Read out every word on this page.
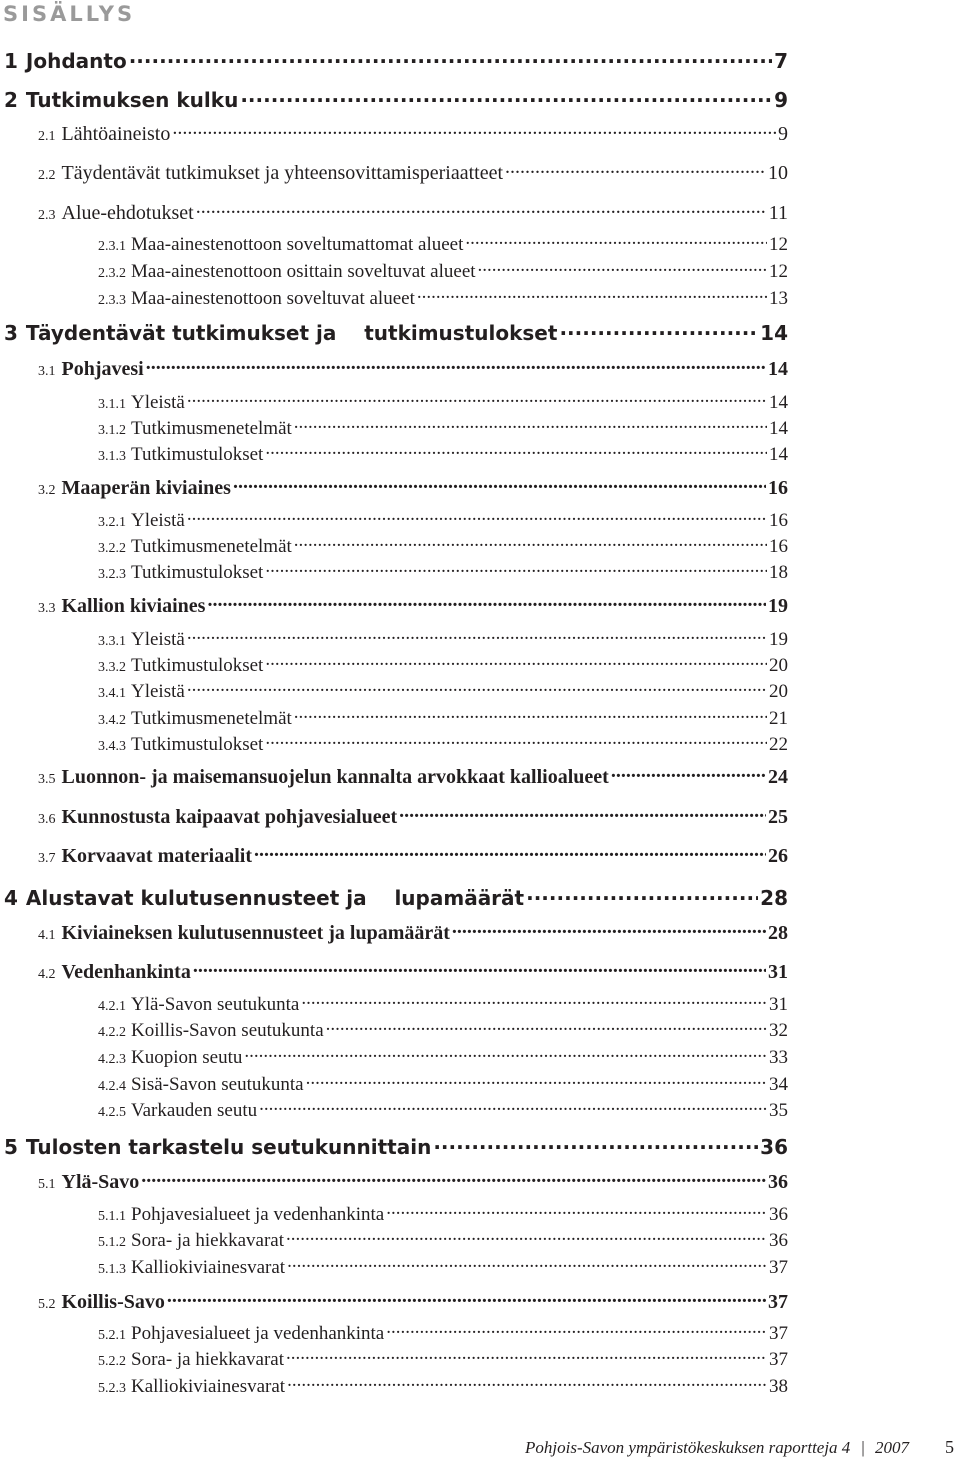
SISÄLLYS
1 Johdanto .....	7
2 Tutkimuksen kulku .....	9
2.1 Lähtöaineisto .....	9
2.2 Täydentävät tutkimukset ja yhteensovittamisperiaatteet .....	10
2.3 Alue-ehdotukset .....	11
2.3.1 Maa-ainestenottoon soveltumattomat alueet .....	12
2.3.2 Maa-ainestenottoon osittain soveltuvat alueet .....	12
2.3.3 Maa-ainestenottoon soveltuvat alueet .....	13
3 Täydentävät tutkimukset ja    tutkimustulokset .....	14
3.1 Pohjavesi .....	14
3.1.1 Yleistä .....	14
3.1.2 Tutkimusmenetelmät .....	14
3.1.3 Tutkimustulokset .....	14
3.2 Maaperän kiviaines .....	16
3.2.1 Yleistä .....	16
3.2.2 Tutkimusmenetelmät .....	16
3.2.3 Tutkimustulokset .....	18
3.3 Kallion kiviaines .....	19
3.3.1 Yleistä .....	19
3.3.2 Tutkimustulokset .....	20
3.4.1 Yleistä .....	20
3.4.2 Tutkimusmenetelmät .....	21
3.4.3 Tutkimustulokset .....	22
3.5 Luonnon- ja maisemansuojelun kannalta arvokkaat kallioalueet .....	24
3.6 Kunnostusta kaipaavat pohjavesialueet .....	25
3.7 Korvaavat materiaalit .....	26
4 Alustavat kulutusennusteet ja    lupamäärät .....	28
4.1 Kiviaineksen kulutusennusteet ja lupamäärät .....	28
4.2 Vedenhankinta .....	31
4.2.1 Ylä-Savon seutukunta .....	31
4.2.2 Koillis-Savon seutukunta .....	32
4.2.3 Kuopion seutu .....	33
4.2.4 Sisä-Savon seutukunta .....	34
4.2.5 Varkauden seutu .....	35
5 Tulosten tarkastelu seutukunnittain .....	36
5.1 Ylä-Savo .....	36
5.1.1 Pohjavesialueet ja vedenhankinta .....	36
5.1.2 Sora- ja hiekkavarat .....	36
5.1.3 Kalliokiviainesvarat .....	37
5.2 Koillis-Savo .....	37
5.2.1 Pohjavesialueet ja vedenhankinta .....	37
5.2.2 Sora- ja hiekkavarat .....	37
5.2.3 Kalliokiviainesvarat .....	38
Pohjois-Savon ympäristökeskuksen raportteja 4 | 2007 5
